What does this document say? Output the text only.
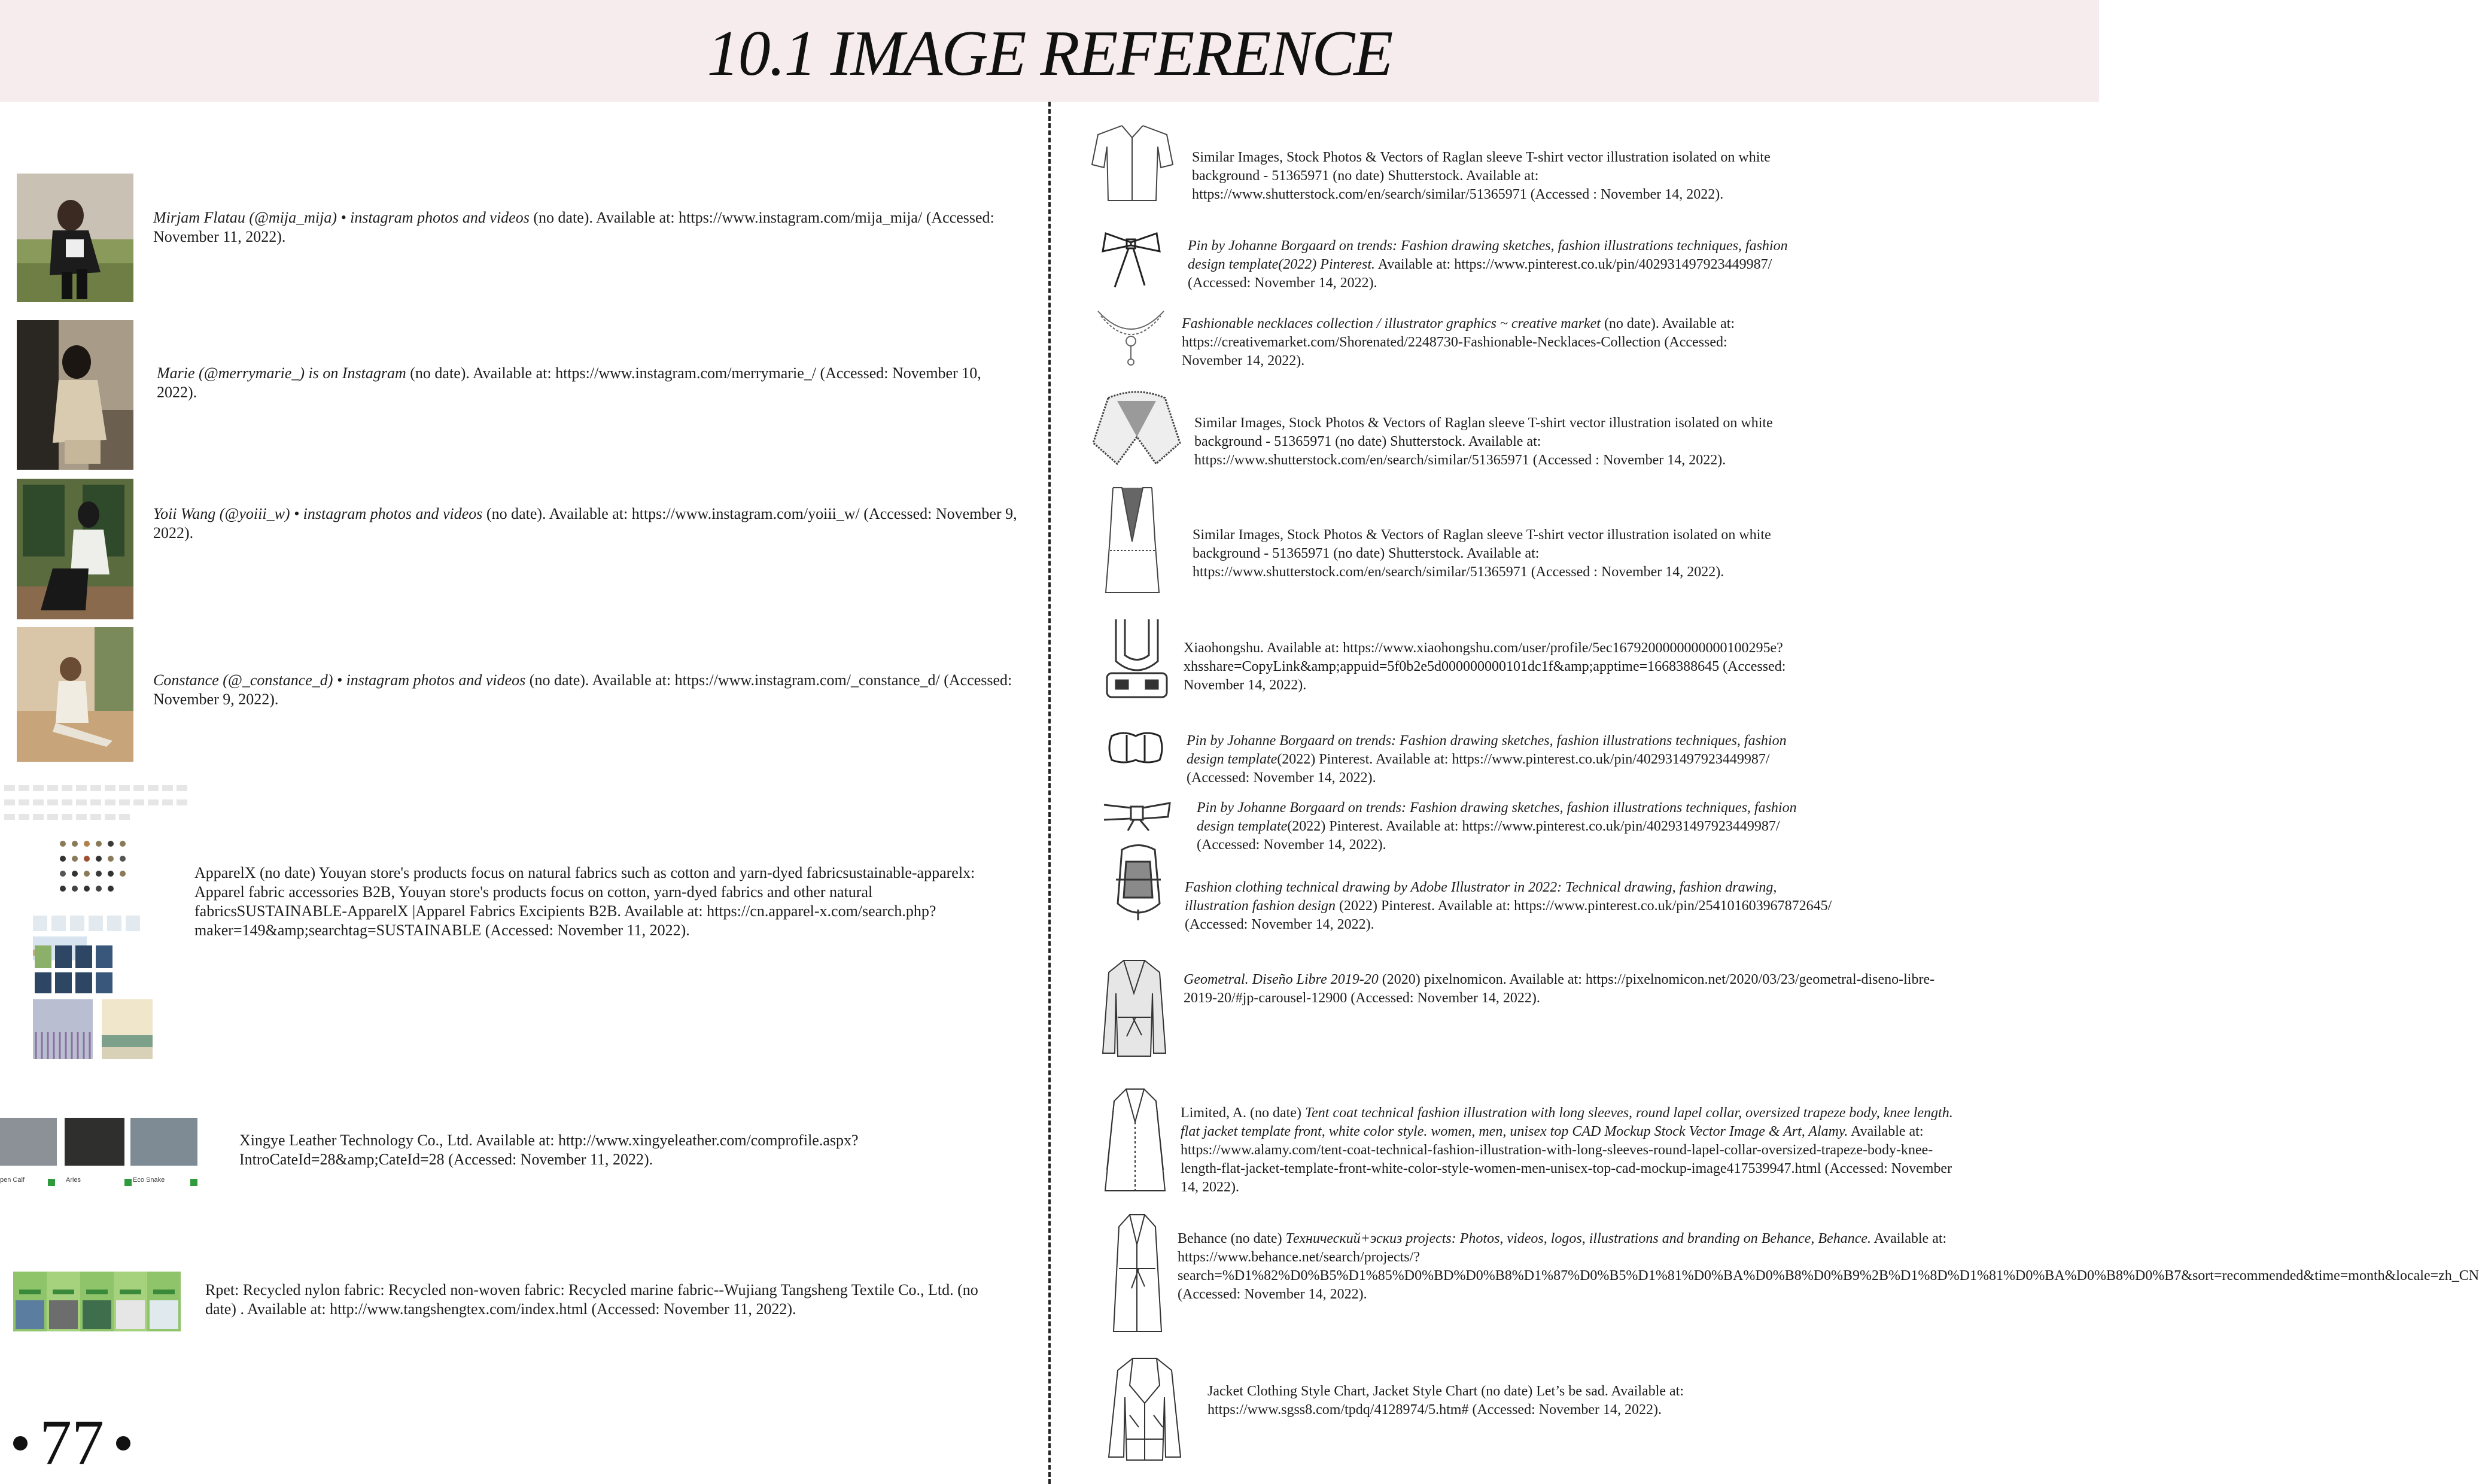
10.1 IMAGE REFERENCE
Mirjam Flatau (@mija_mija) • instagram photos and videos (no date). Available at: https://www.instagram.com/mija_mija/ (Accessed: November 11, 2022).
Marie (@merrymarie_) is on Instagram (no date). Available at: https://www.instagram.com/merrymarie_/ (Accessed: November 10, 2022).
Yoii Wang (@yoiii_w) • instagram photos and videos (no date). Available at: https://www.instagram.com/yoiii_w/ (Accessed: November 9, 2022).
Constance (@_constance_d) • instagram photos and videos (no date). Available at: https://www.instagram.com/_constance_d/ (Accessed: November 9, 2022).
ApparelX (no date) Youyan store's products focus on natural fabrics such as cotton and yarn-dyed fabricsustainable-apparelx: Apparel fabric accessories B2B, Youyan store's products focus on cotton, yarn-dyed fabrics and other natural fabricsSUSTAINABLE-ApparelX |Apparel Fabrics Excipients B2B. Available at: https://cn.apparel-x.com/search.php?maker=149&amp;searchtag=SUSTAINABLE (Accessed: November 11, 2022).
pen Calf	Aries	Eco Snake
Xingye Leather Technology Co., Ltd. Available at: http://www.xingyeleather.com/comprofile.aspx?IntroCateId=28&amp;CateId=28 (Accessed: November 11, 2022).
Rpet: Recycled nylon fabric: Recycled non-woven fabric: Recycled marine fabric--Wujiang Tangsheng Textile Co., Ltd. (no date) . Available at: http://www.tangshengtex.com/index.html (Accessed: November 11, 2022).
77
Similar Images, Stock Photos & Vectors of Raglan sleeve T-shirt vector illustration isolated on white background - 51365971 (no date) Shutterstock. Available at: https://www.shutterstock.com/en/search/similar/51365971 (Accessed : November 14, 2022).
Pin by Johanne Borgaard on trends: Fashion drawing sketches, fashion illustrations techniques, fashion design template(2022) Pinterest. Available at: https://www.pinterest.co.uk/pin/402931497923449987/ (Accessed: November 14, 2022).
Fashionable necklaces collection / illustrator graphics ~ creative market (no date). Available at: https://creativemarket.com/Shorenated/2248730-Fashionable-Necklaces-Collection (Accessed: November 14, 2022).
Similar Images, Stock Photos & Vectors of Raglan sleeve T-shirt vector illustration isolated on white background - 51365971 (no date) Shutterstock. Available at: https://www.shutterstock.com/en/search/similar/51365971 (Accessed : November 14, 2022).
Similar Images, Stock Photos & Vectors of Raglan sleeve T-shirt vector illustration isolated on white background - 51365971 (no date) Shutterstock. Available at: https://www.shutterstock.com/en/search/similar/51365971 (Accessed : November 14, 2022).
Xiaohongshu. Available at: https://www.xiaohongshu.com/user/profile/5ec1679200000000000100295e?xhsshare=CopyLink&amp;appuid=5f0b2e5d000000000101dc1f&amp;apptime=1668388645 (Accessed: November 14, 2022).
Pin by Johanne Borgaard on trends: Fashion drawing sketches, fashion illustrations techniques, fashion design template(2022) Pinterest. Available at: https://www.pinterest.co.uk/pin/402931497923449987/ (Accessed: November 14, 2022).
Pin by Johanne Borgaard on trends: Fashion drawing sketches, fashion illustrations techniques, fashion design template(2022) Pinterest. Available at: https://www.pinterest.co.uk/pin/402931497923449987/ (Accessed: November 14, 2022).
Fashion clothing technical drawing by Adobe Illustrator in 2022: Technical drawing, fashion drawing, illustration fashion design (2022) Pinterest. Available at: https://www.pinterest.co.uk/pin/254101603967872645/ (Accessed: November 14, 2022).
Geometral. Diseño Libre 2019-20 (2020) pixelnomicon. Available at: https://pixelnomicon.net/2020/03/23/geometral-diseno-libre-2019-20/#jp-carousel-12900 (Accessed: November 14, 2022).
Limited, A. (no date) Tent coat technical fashion illustration with long sleeves, round lapel collar, oversized trapeze body, knee length. flat jacket template front, white color style. women, men, unisex top CAD Mockup Stock Vector Image & Art, Alamy. Available at: https://www.alamy.com/tent-coat-technical-fashion-illustration-with-long-sleeves-round-lapel-collar-oversized-trapeze-body-knee-length-flat-jacket-template-front-white-color-style-women-men-unisex-top-cad-mockup-image417539947.html (Accessed: November 14, 2022).
Behance (no date) Технический+эскиз projects: Photos, videos, logos, illustrations and branding on Behance, Behance. Available at: https://www.behance.net/search/projects/?search=%D1%82%D0%B5%D1%85%D0%BD%D0%B8%D1%87%D0%B5%D1%81%D0%BA%D0%B8%D0%B9%2B%D1%8D%D1%81%D0%BA%D0%B8%D0%B7&sort=recommended&time=month&locale=zh_CN (Accessed: November 14, 2022).
Jacket Clothing Style Chart, Jacket Style Chart (no date) Let’s be sad. Available at: https://www.sgss8.com/tpdq/4128974/5.htm# (Accessed: November 14, 2022).
